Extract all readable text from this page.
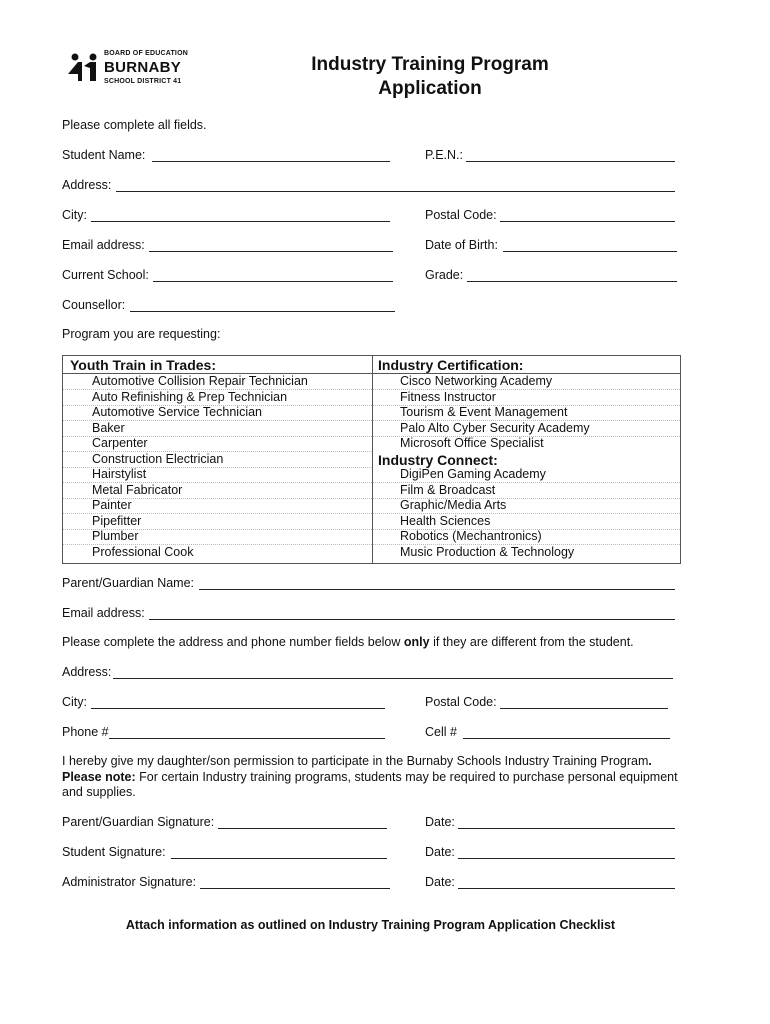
BOARD OF EDUCATION
BURNABY
SCHOOL DISTRICT 41
Industry Training Program
Application
Please complete all fields.
Student Name:	P.E.N.:
Address:
City:	Postal Code:
Email address:	Date of Birth:
Current School:	Grade:
Counsellor:
Program you are requesting:
Youth Train in Trades:	Industry Certification:
Industry Connect:
Automotive Collision Repair Technician
Auto Refinishing & Prep Technician
Automotive Service Technician
Baker
Carpenter
Construction Electrician
Hairstylist
Metal Fabricator
Painter
Pipefitter
Plumber
Professional Cook
Cisco Networking Academy
Fitness Instructor
Tourism & Event Management
Palo Alto Cyber Security Academy
Microsoft Office Specialist
DigiPen Gaming Academy
Film & Broadcast
Graphic/Media Arts
Health Sciences
Robotics (Mechantronics)
Music Production & Technology
Parent/Guardian Name:
Email address:
Please complete the address and phone number fields below only if they are different from the student.
Address:
City:	Postal Code:
Phone #	Cell #
I hereby give my daughter/son permission to participate in the Burnaby Schools Industry Training Program.
Please note: For certain Industry training programs, students may be required to purchase personal equipment and supplies.
Parent/Guardian Signature:	Date:
Student Signature:	Date:
Administrator Signature:	Date:
Attach information as outlined on Industry Training Program Application Checklist
